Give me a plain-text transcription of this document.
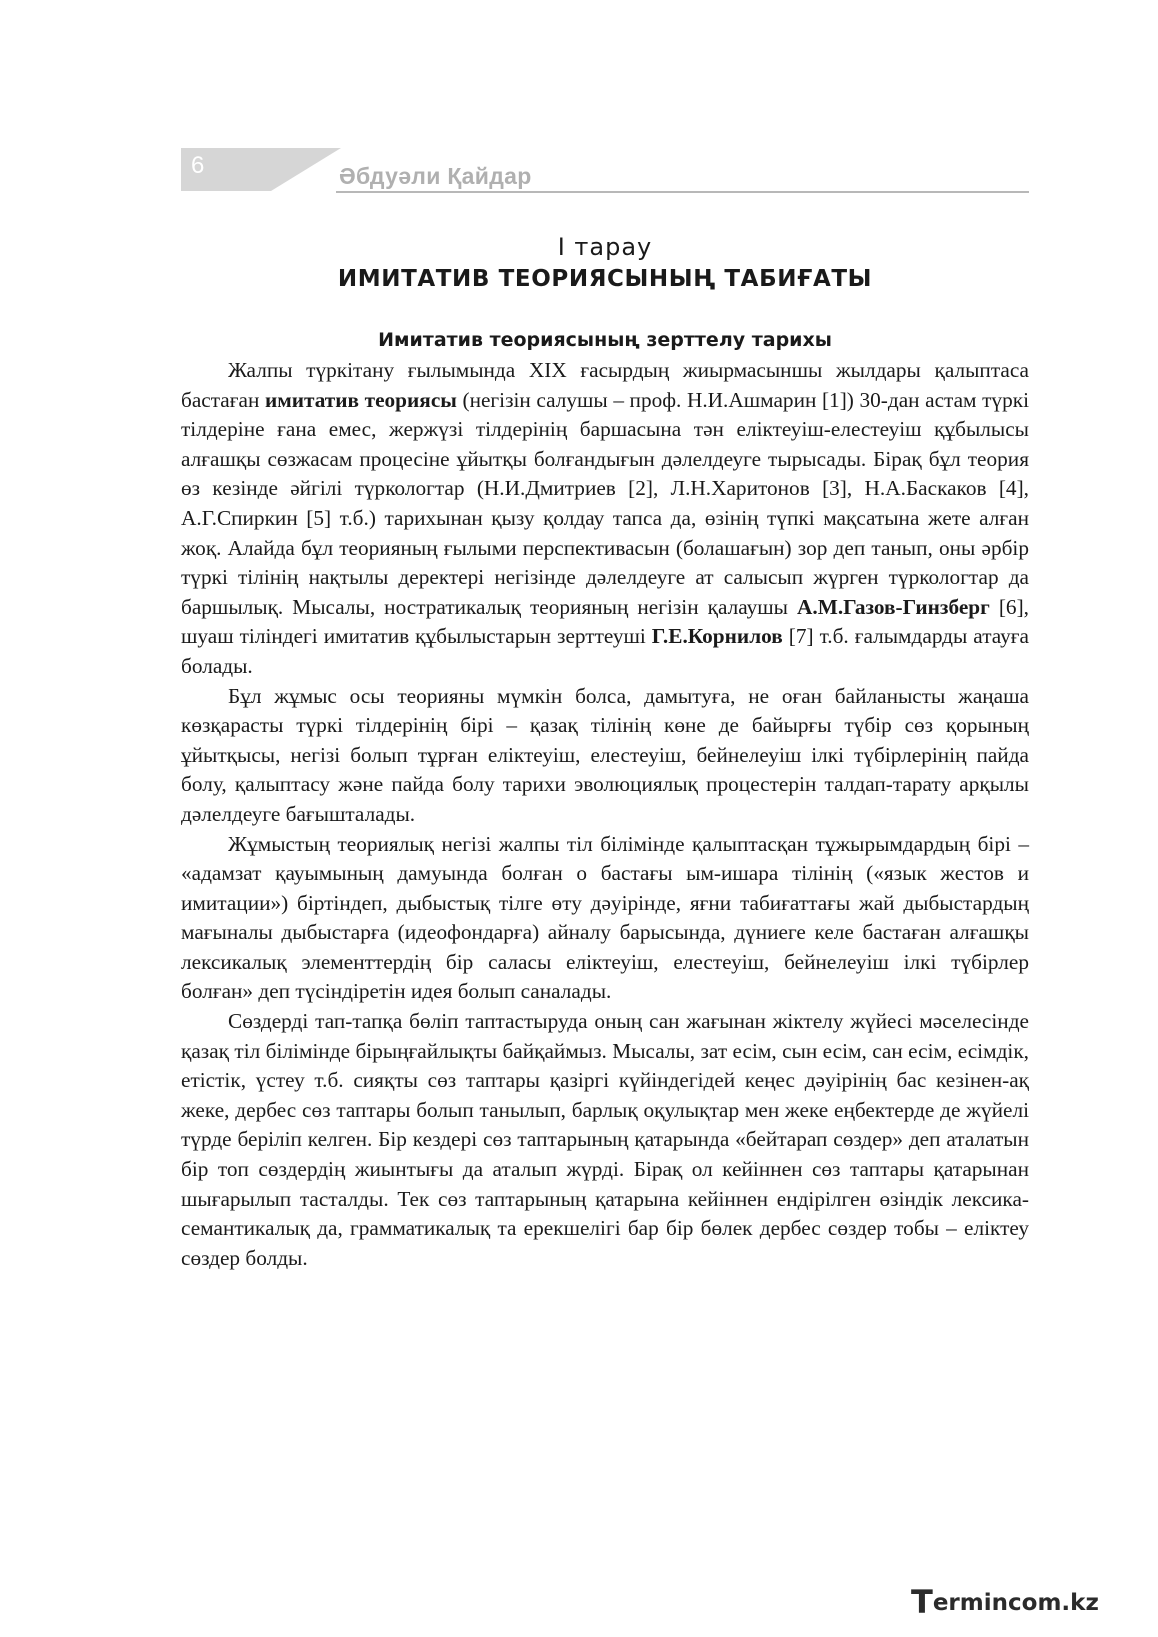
6	Әбдуәли Қайдар
I тарау
ИМИТАТИВ ТЕОРИЯСЫНЫҢ ТАБИҒАТЫ
Имитатив теориясының зерттелу тарихы

Жалпы түркітану ғылымында ХІХ ғасырдың жиырмасыншы жылдары қалыптаса бастаған имитатив теориясы (негізін салушы – проф. Н.И.Ашмарин [1]) 30-дан астам түркі тілдеріне ғана емес, жержүзі тілдерінің баршасына тән еліктеуіш-елестеуіш құбылысы алғашқы сөзжасам процесіне ұйытқы болғандығын дәлелдеуге тырысады. Бірақ бұл теория өз кезінде әйгілі түркологтар (Н.И.Дмитриев [2], Л.Н.Харитонов [3], Н.А.Баскаков [4], А.Г.Спиркин [5] т.б.) тарихынан қызу қолдау тапса да, өзінің түпкі мақсатына жете алған жоқ. Алайда бұл теорияның ғылыми перспективасын (болашағын) зор деп танып, оны әрбір түркі тілінің нақтылы деректері негізінде дәлелдеуге ат салысып жүрген түркологтар да баршылық. Мысалы, ностратикалық теорияның негізін қалаушы А.М.Газов-Гинзберг [6], шуаш тіліндегі имитатив құбылыстарын зерттеуші Г.Е.Корнилов [7] т.б. ғалымдарды атауға болады.

Бұл жұмыс осы теорияны мүмкін болса, дамытуға, не оған байланысты жаңаша көзқарасты түркі тілдерінің бірі – қазақ тілінің көне де байырғы түбір сөз қорының ұйытқысы, негізі болып тұрған еліктеуіш, елестеуіш, бейнелеуіш ілкі түбірлерінің пайда болу, қалыптасу және пайда болу тарихи эволюциялық процестерін талдап-тарату арқылы дәлелдеуге бағышталады.

Жұмыстың теориялық негізі жалпы тіл білімінде қалыптасқан тұжырымдардың бірі – «адамзат қауымының дамуында болған о бастағы ым-ишара тілінің («язык жестов и имитации») біртіндеп, дыбыстық тілге өту дәуірінде, яғни табиғаттағы жай дыбыстардың мағыналы дыбыстарға (идеофондарға) айналу барысында, дүниеге келе бастаған алғашқы лексикалық элементтердің бір саласы еліктеуіш, елестеуіш, бейнелеуіш ілкі түбірлер болған» деп түсіндіретін идея болып саналады.

Сөздерді тап-тапқа бөліп таптастыруда оның сан жағынан жіктелу жүйесі мәселесінде қазақ тіл білімінде бірыңғайлықты байқаймыз. Мысалы, зат есім, сын есім, сан есім, есімдік, етістік, үстеу т.б. сияқты сөз таптары қазіргі күйіндегідей кеңес дәуірінің бас кезінен-ақ жеке, дербес сөз таптары болып танылып, барлық оқулықтар мен жеке еңбектерде де жүйелі түрде беріліп келген. Бір кездері сөз таптарының қатарында «бейтарап сөздер» деп аталатын бір топ сөздердің жиынтығы да аталып жүрді. Бірақ ол кейіннен сөз таптары қатарынан шығарылып тасталды. Тек сөз таптарының қатарына кейіннен ендірілген өзіндік лексика-семантикалық да, грамматикалық та ерекшелігі бар бір бөлек дербес сөздер тобы – еліктеу сөздер болды.

Termincom.kz
